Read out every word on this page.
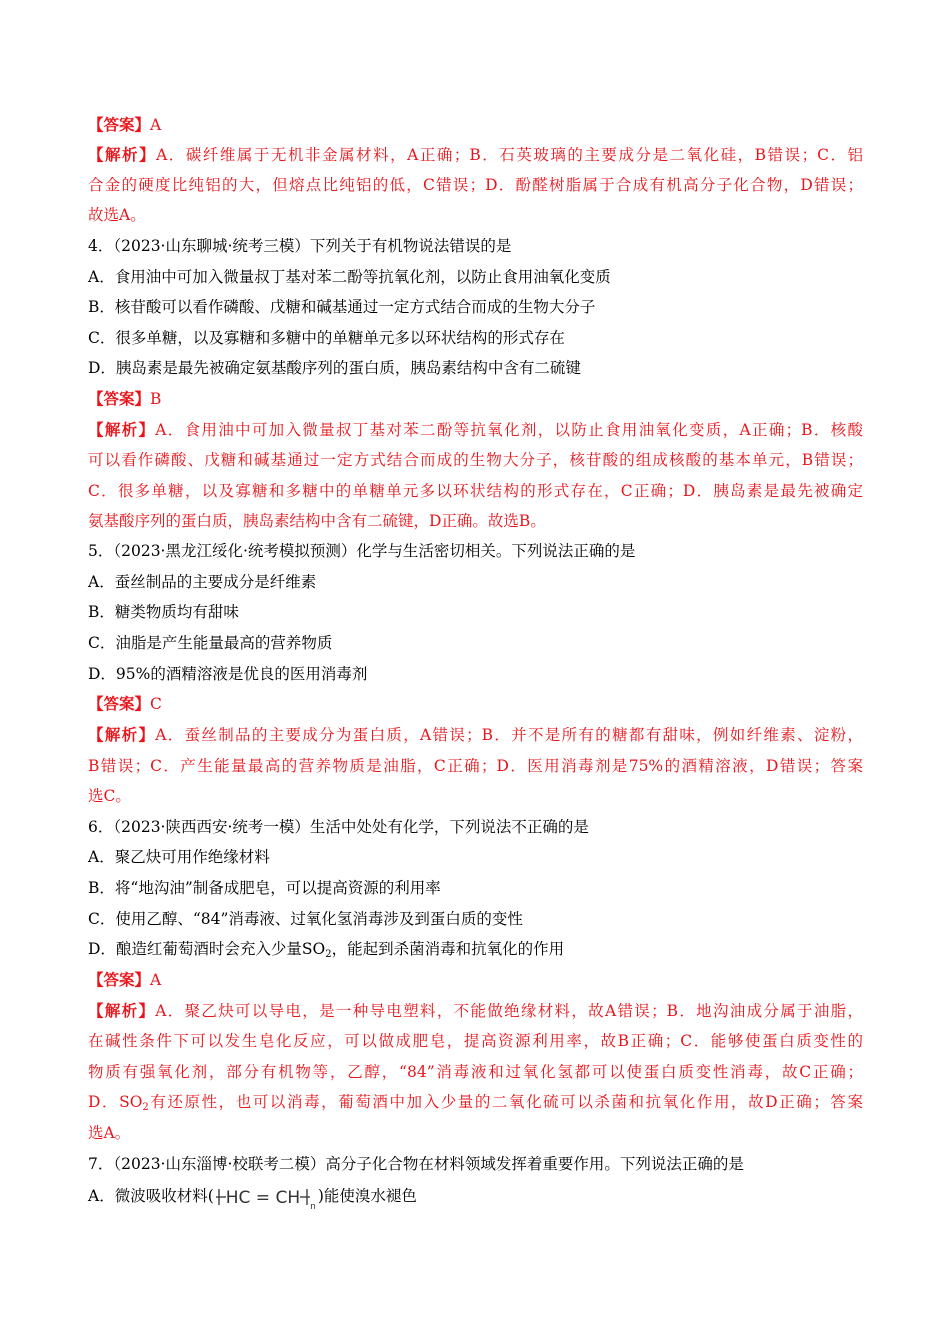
【答案】A
【解析】A．碳纤维属于无机非金属材料，A正确；B．石英玻璃的主要成分是二氧化硅，B错误；C．铝
合金的硬度比纯铝的大，但熔点比纯铝的低，C错误；D．酚醛树脂属于合成有机高分子化合物，D错误；
故选A。
4．（2023·山东聊城·统考三模）下列关于有机物说法错误的是
A．食用油中可加入微量叔丁基对苯二酚等抗氧化剂，以防止食用油氧化变质
B．核苷酸可以看作磷酸、戊糖和碱基通过一定方式结合而成的生物大分子
C．很多单糖，以及寡糖和多糖中的单糖单元多以环状结构的形式存在
D．胰岛素是最先被确定氨基酸序列的蛋白质，胰岛素结构中含有二硫键
【答案】B
【解析】A．食用油中可加入微量叔丁基对苯二酚等抗氧化剂，以防止食用油氧化变质，A正确；B．核酸
可以看作磷酸、戊糖和碱基通过一定方式结合而成的生物大分子，核苷酸的组成核酸的基本单元，B错误；
C．很多单糖，以及寡糖和多糖中的单糖单元多以环状结构的形式存在，C正确；D．胰岛素是最先被确定
氨基酸序列的蛋白质，胰岛素结构中含有二硫键，D正确。故选B。
5．（2023·黑龙江绥化·统考模拟预测）化学与生活密切相关。下列说法正确的是
A．蚕丝制品的主要成分是纤维素
B．糖类物质均有甜味
C．油脂是产生能量最高的营养物质
D．95%的酒精溶液是优良的医用消毒剂
【答案】C
【解析】A．蚕丝制品的主要成分为蛋白质，A错误；B．并不是所有的糖都有甜味，例如纤维素、淀粉，
B错误；C．产生能量最高的营养物质是油脂，C正确；D．医用消毒剂是75%的酒精溶液，D错误；答案
选C。
6．（2023·陕西西安·统考一模）生活中处处有化学，下列说法不正确的是
A．聚乙炔可用作绝缘材料
B．将“地沟油”制备成肥皂，可以提高资源的利用率
C．使用乙醇、“84”消毒液、过氧化氢消毒涉及到蛋白质的变性
D．酿造红葡萄酒时会充入少量$SO_2$，能起到杀菌消毒和抗氧化的作用
【答案】A
【解析】A．聚乙炔可以导电，是一种导电塑料，不能做绝缘材料，故A错误；B．地沟油成分属于油脂，
在碱性条件下可以发生皂化反应，可以做成肥皂，提高资源利用率，故B正确；C．能够使蛋白质变性的
物质有强氧化剂，部分有机物等，乙醇，“84”消毒液和过氧化氢都可以使蛋白质变性消毒，故C正确；
D．$SO_2$有还原性，也可以消毒，葡萄酒中加入少量的二氧化硫可以杀菌和抗氧化作用，故D正确；答案
选A。
7．（2023·山东淄博·校联考二模）高分子化合物在材料领域发挥着重要作用。下列说法正确的是
A．微波吸收材料( HC = CH $_n$)能使溴水褪色
